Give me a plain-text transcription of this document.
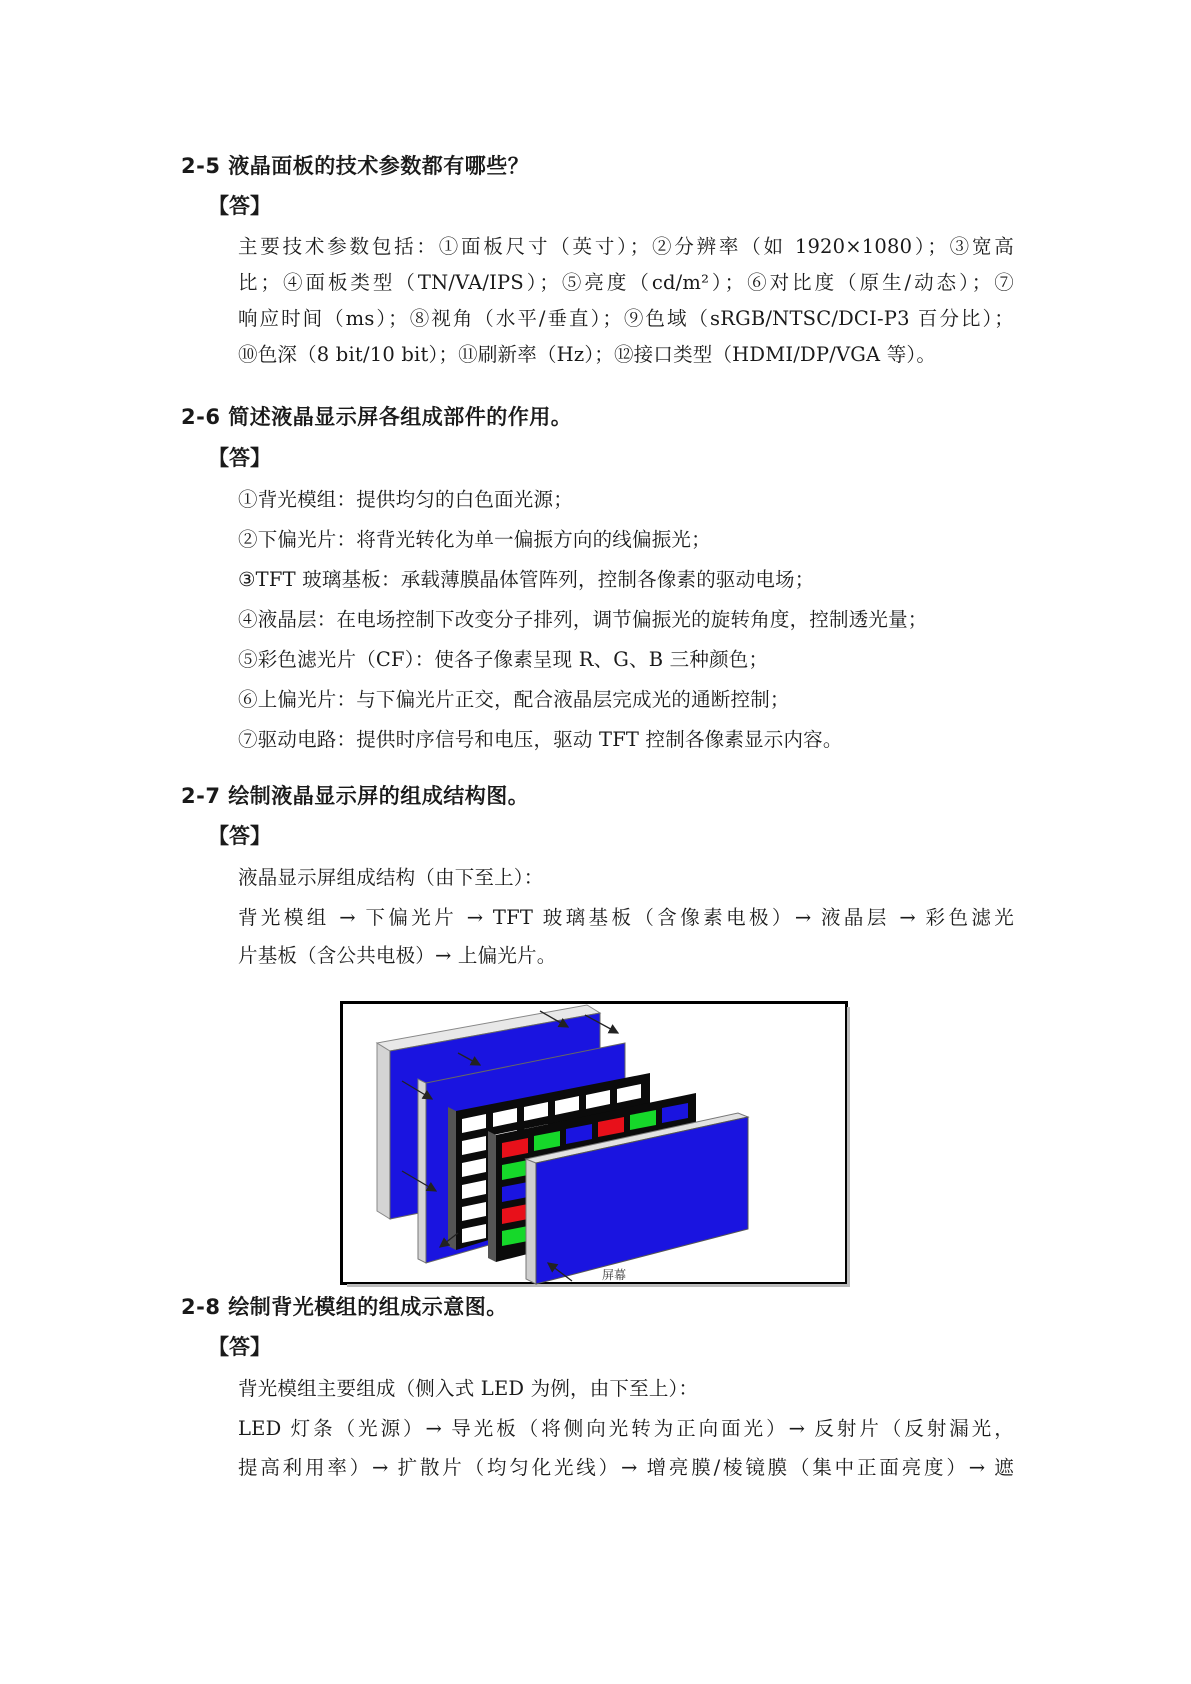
2-5 液晶面板的技术参数都有哪些？
【答】
主要技术参数包括：①面板尺寸（英寸）；②分辨率（如 1920×1080）；③宽高
比；④面板类型（TN/VA/IPS）；⑤亮度（cd/m²）；⑥对比度（原生/动态）；⑦
响应时间（ms）；⑧视角（水平/垂直）；⑨色域（sRGB/NTSC/DCI-P3 百分比）；
⑩色深（8 bit/10 bit）；⑪刷新率（Hz）；⑫接口类型（HDMI/DP/VGA 等）。
2-6 简述液晶显示屏各组成部件的作用。
【答】
①背光模组：提供均匀的白色面光源；
②下偏光片：将背光转化为单一偏振方向的线偏振光；
③TFT 玻璃基板：承载薄膜晶体管阵列，控制各像素的驱动电场；
④液晶层：在电场控制下改变分子排列，调节偏振光的旋转角度，控制透光量；
⑤彩色滤光片（CF）：使各子像素呈现 R、G、B 三种颜色；
⑥上偏光片：与下偏光片正交，配合液晶层完成光的通断控制；
⑦驱动电路：提供时序信号和电压，驱动 TFT 控制各像素显示内容。
2-7 绘制液晶显示屏的组成结构图。
【答】
液晶显示屏组成结构（由下至上）：
背光模组 → 下偏光片 → TFT 玻璃基板（含像素电极）→ 液晶层 → 彩色滤光
片基板（含公共电极）→ 上偏光片。
屏幕
2-8 绘制背光模组的组成示意图。
【答】
背光模组主要组成（侧入式 LED 为例，由下至上）：
LED 灯条（光源）→ 导光板（将侧向光转为正向面光）→ 反射片（反射漏光，
提高利用率）→ 扩散片（均匀化光线）→ 增亮膜/棱镜膜（集中正面亮度）→ 遮
